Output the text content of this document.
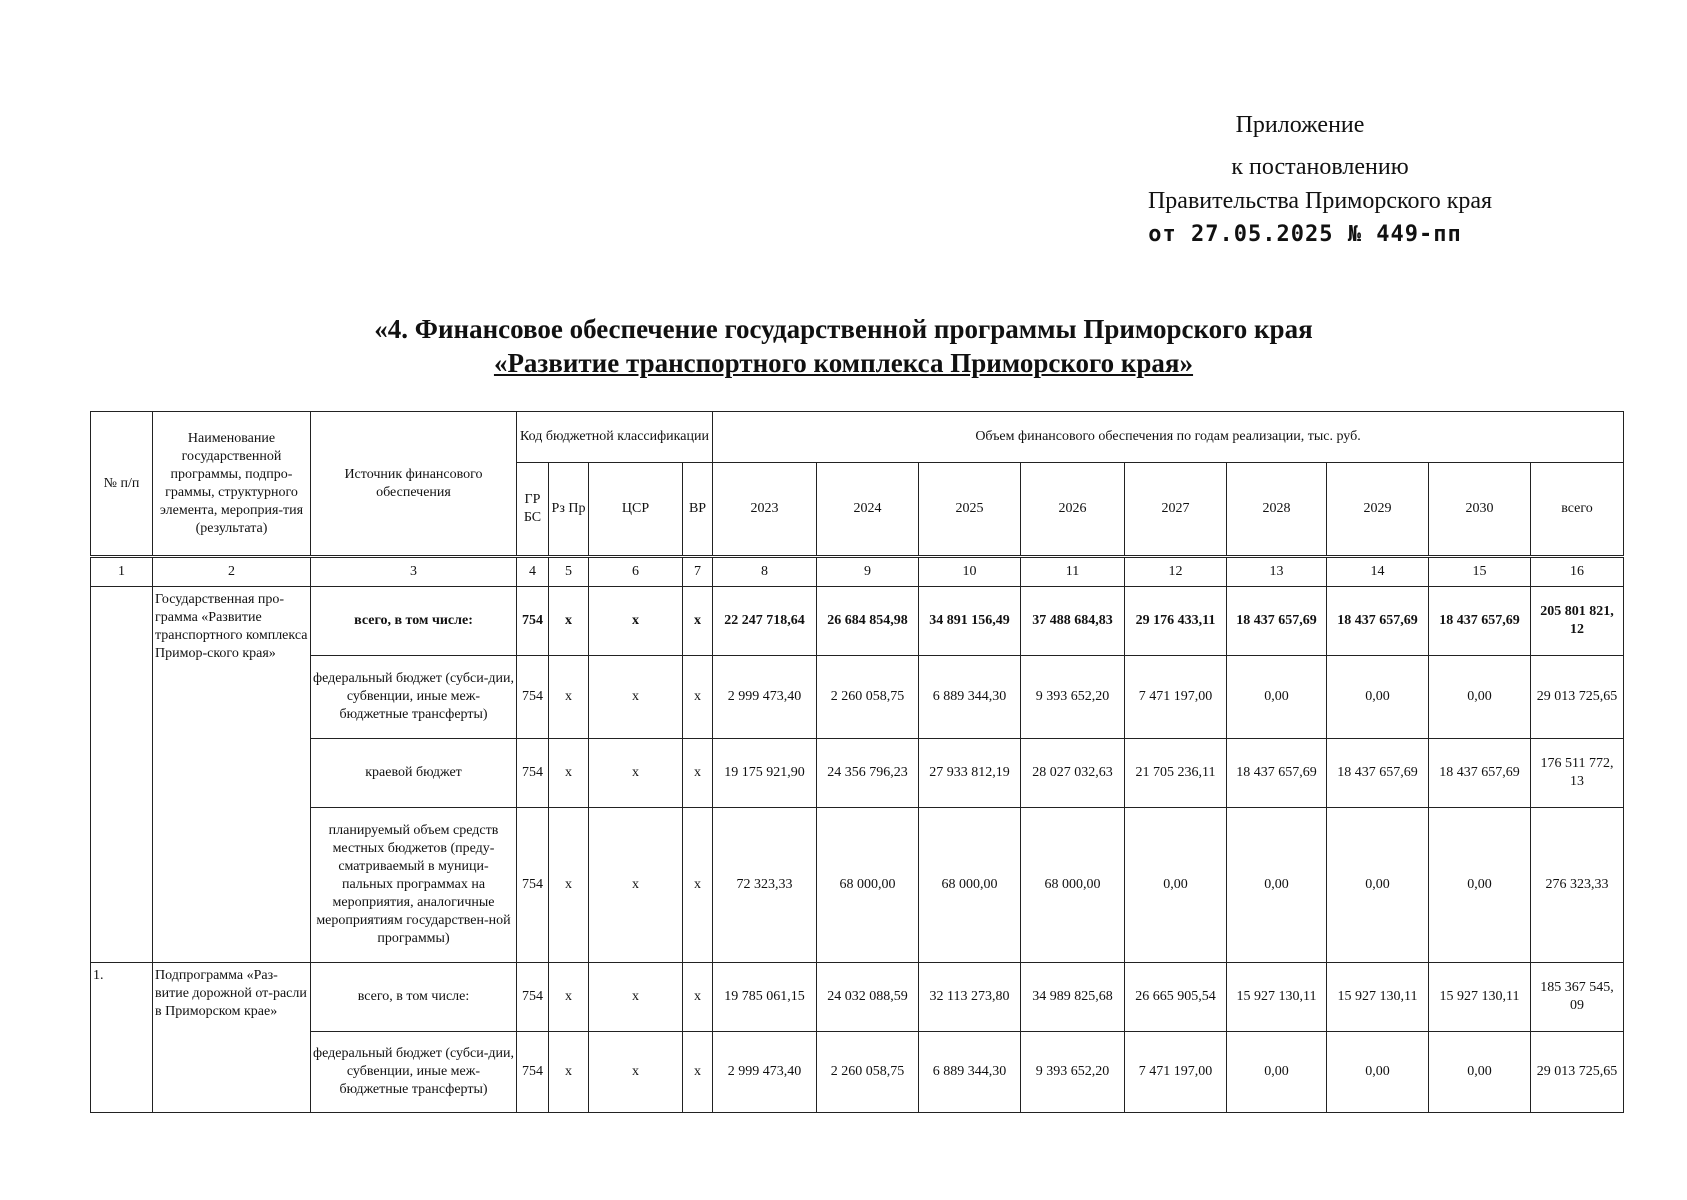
Приложение
к постановлению
Правительства Приморского края
от 27.05.2025 № 449-пп
«4. Финансовое обеспечение государственной программы Приморского края
«Развитие транспортного комплекса Приморского края»
№ п/п	Наименование государственной программы, подпро-граммы, структурного элемента, мероприя-тия (результата)	Источник финансового обеспечения	Код бюджетной классификации				Объем финансового обеспечения по годам реализации, тыс. руб.								
			ГР БС	Рз Пр	ЦСР	ВР	2023	2024	2025	2026	2027	2028	2029	2030	всего
1	2	3	4	5	6	7	8	9	10	11	12	13	14	15	16
	Государственная про-грамма «Развитие транспортного комплекса Примор-ского края»	всего, в том числе:	754	х	х	х	22 247 718,64	26 684 854,98	34 891 156,49	37 488 684,83	29 176 433,11	18 437 657,69	18 437 657,69	18 437 657,69	205 801 821, 12
		федеральный бюджет (субси-дии, субвенции, иные меж-бюджетные трансферты)	754	х	х	х	2 999 473,40	2 260 058,75	6 889 344,30	9 393 652,20	7 471 197,00	0,00	0,00	0,00	29 013 725,65
		краевой бюджет	754	х	х	х	19 175 921,90	24 356 796,23	27 933 812,19	28 027 032,63	21 705 236,11	18 437 657,69	18 437 657,69	18 437 657,69	176 511 772, 13
		планируемый объем средств местных бюджетов (преду-сматриваемый в муници-пальных программах на мероприятия, аналогичные мероприятиям государствен-ной программы)	754	х	х	х	72 323,33	68 000,00	68 000,00	68 000,00	0,00	0,00	0,00	0,00	276 323,33
1.	Подпрограмма «Раз-витие дорожной от-расли в Приморском крае»	всего, в том числе:	754	х	х	х	19 785 061,15	24 032 088,59	32 113 273,80	34 989 825,68	26 665 905,54	15 927 130,11	15 927 130,11	15 927 130,11	185 367 545, 09
		федеральный бюджет (субси-дии, субвенции, иные меж-бюджетные трансферты)	754	х	х	х	2 999 473,40	2 260 058,75	6 889 344,30	9 393 652,20	7 471 197,00	0,00	0,00	0,00	29 013 725,65
